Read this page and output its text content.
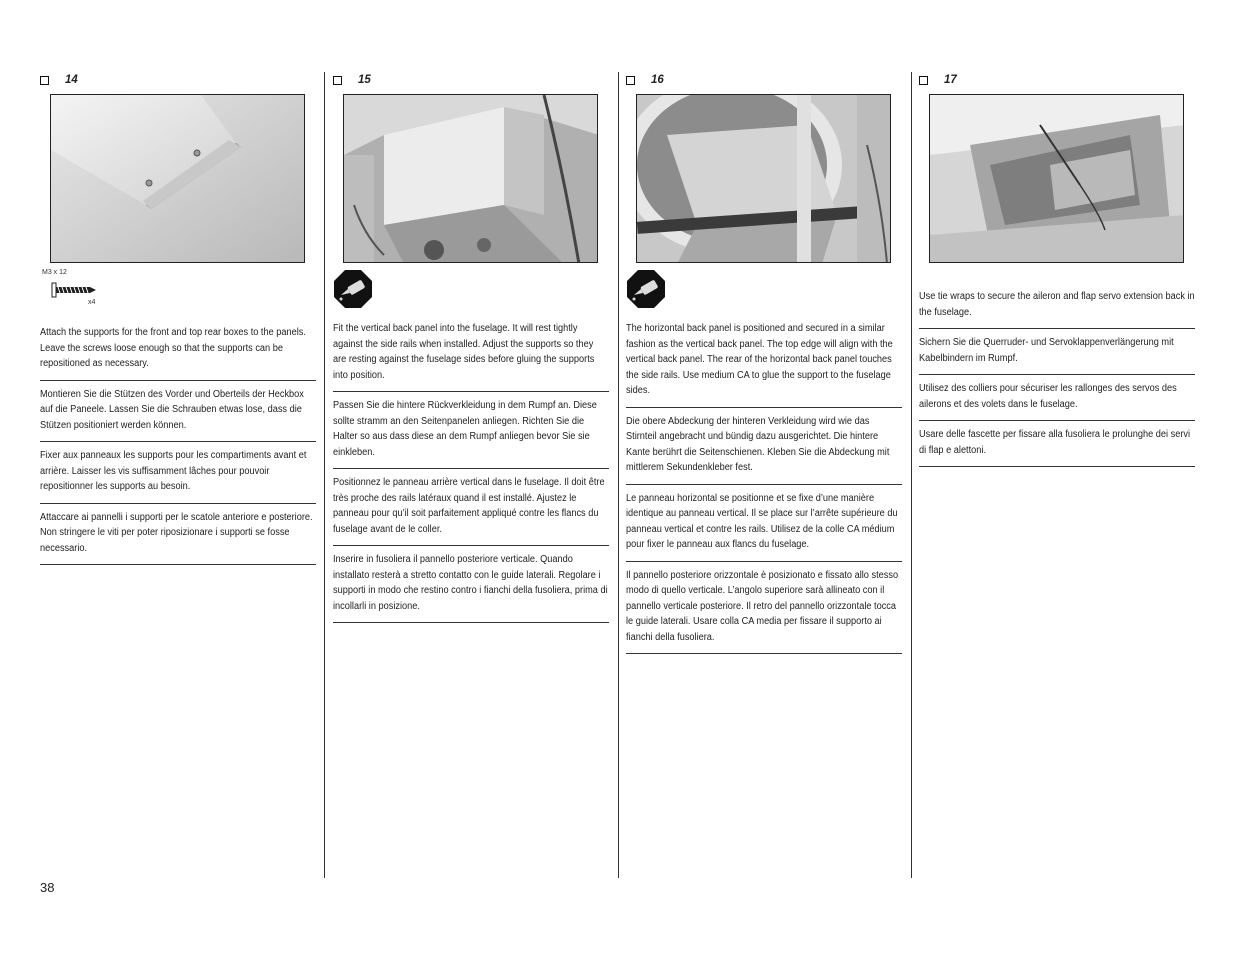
14
M3 x 12
x4
Attach the supports for the front and top rear boxes to the panels. Leave the screws loose enough so that the supports can be repositioned as necessary.
Montieren Sie die Stützen des Vorder und Oberteils der Heckbox auf die Paneele. Lassen Sie die Schrauben etwas lose, dass die Stützen positioniert werden können.
Fixer aux panneaux les supports pour les compartiments avant et arrière. Laisser les vis suffisamment lâches pour pouvoir repositionner les supports au besoin.
Attaccare ai pannelli i supporti per le scatole anteriore e posteriore. Non stringere le viti per poter riposizionare i supporti se fosse necessario.
15
Fit the vertical back panel into the fuselage. It will rest tightly against the side rails when installed. Adjust the supports so they are resting against the fuselage sides before gluing the supports into position.
Passen Sie die hintere Rückverkleidung in dem Rumpf an. Diese sollte stramm an den Seitenpanelen anliegen. Richten Sie die Halter so aus dass diese an dem Rumpf anliegen bevor Sie sie einkleben.
Positionnez le panneau arrière vertical dans le fuselage. Il doit être très proche des rails latéraux quand il est installé. Ajustez le panneau pour qu’il soit parfaitement appliqué contre les flancs du fuselage avant de le coller.
Inserire in fusoliera il pannello posteriore verticale. Quando installato resterà a stretto contatto con le guide laterali. Regolare i supporti in modo che restino contro i fianchi della fusoliera, prima di incollarli in posizione.
16
The horizontal back panel is positioned and secured in a similar fashion as the vertical back panel. The top edge will align with the vertical back panel. The rear of the horizontal back panel touches the side rails. Use medium CA to glue the support to the fuselage sides.
Die obere Abdeckung der hinteren Verkleidung wird wie das Stirnteil angebracht und bündig dazu ausgerichtet. Die hintere Kante berührt die Seitenschienen. Kleben Sie die Abdeckung mit mittlerem Sekundenkleber fest.
Le panneau horizontal se positionne et se fixe d’une manière identique au panneau vertical. Il se place sur l’arrête supérieure du panneau vertical et contre les rails. Utilisez de la colle CA médium pour fixer le panneau aux flancs du fuselage.
Il pannello posteriore orizzontale è posizionato e fissato allo stesso modo di quello verticale. L’angolo superiore sarà allineato con il pannello verticale posteriore. Il retro del pannello orizzontale tocca le guide laterali. Usare colla CA media per fissare il supporto ai fianchi della fusoliera.
17
Use tie wraps to secure the aileron and flap servo extension back in the fuselage.
Sichern Sie die Querruder- und Servoklappenverlängerung mit Kabelbindern im Rumpf.
Utilisez des colliers pour sécuriser les rallonges des servos des ailerons et des volets dans le fuselage.
Usare delle fascette per fissare alla fusoliera le prolunghe dei servi di flap e alettoni.
38
